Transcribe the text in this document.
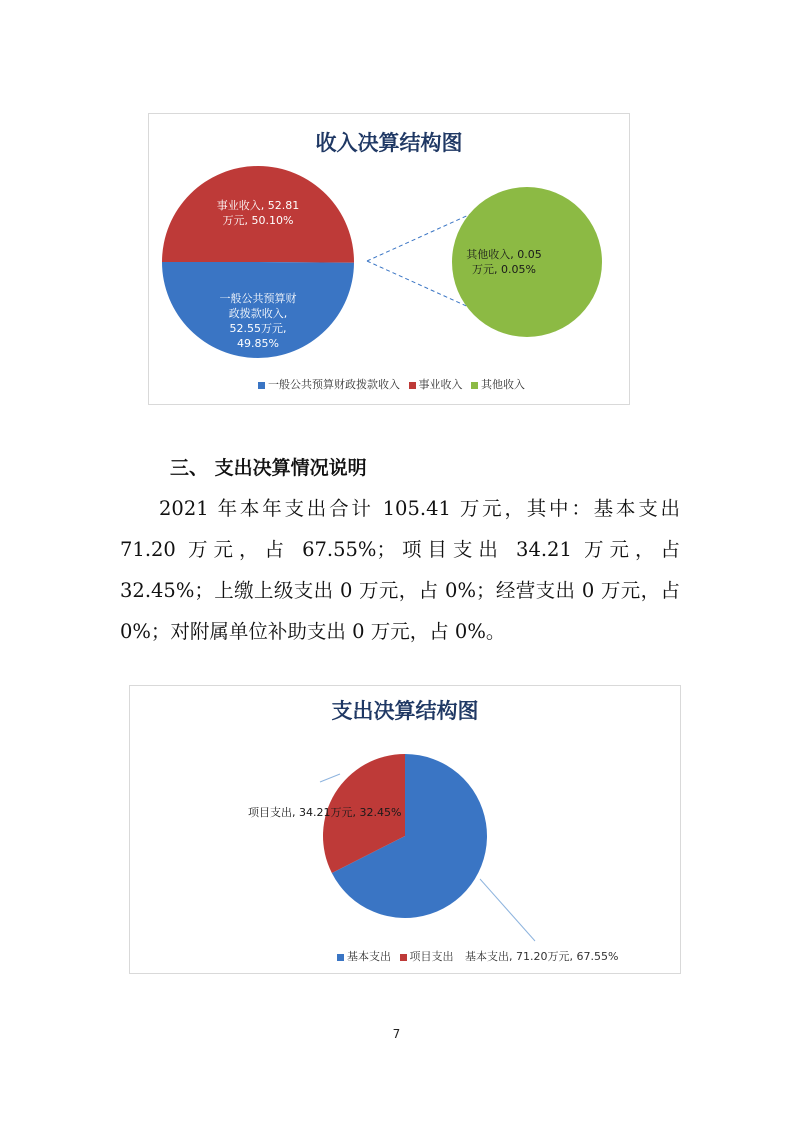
收入决算结构图
事业收入, 52.81
万元, 50.10%
一般公共预算财
政拨款收入,
52.55万元,
49.85%
其他收入, 0.05
万元, 0.05%
一般公共预算财政拨款收入 事业收入 其他收入
三、 支出决算情况说明
2021 年本年支出合计 105.41 万元，其中：基本支出 71.20 万元，占 67.55%；项目支出 34.21 万元，占 32.45%；上缴上级支出 0 万元，占 0%；经营支出 0 万元，占 0%；对附属单位补助支出 0 万元，占 0%。
支出决算结构图
项目支出, 34.21万元, 32.45%
基本支出 项目支出 基本支出, 71.20万元, 67.55%
7
